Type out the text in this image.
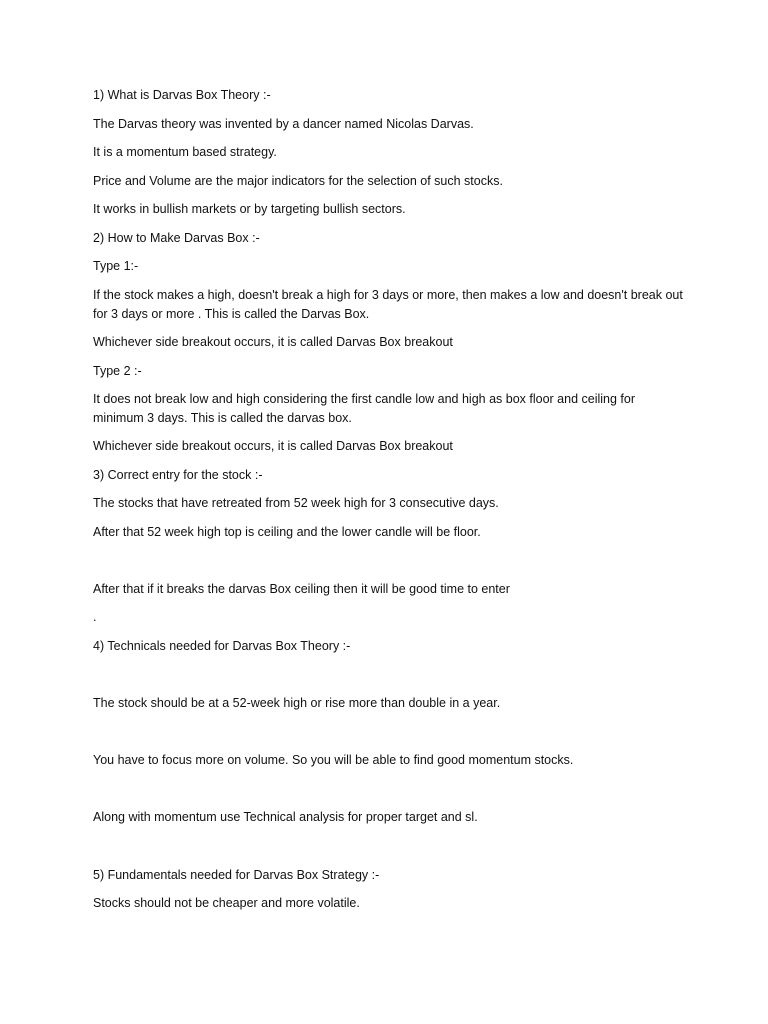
1) What is Darvas Box Theory :-
The Darvas theory was invented by a dancer named Nicolas Darvas.
It is a momentum based strategy.
Price and Volume are the major indicators for the selection of such stocks.
It works in bullish markets or by targeting bullish sectors.
2) How to Make Darvas Box :-
Type 1:-
If the stock makes a high, doesn't break a high for 3 days or more, then makes a low and doesn't break out for 3 days or more . This is called the Darvas Box.
Whichever side breakout occurs, it is called Darvas Box breakout
Type 2 :-
It does not break low and high considering the first candle low and high as box floor and ceiling for minimum 3 days. This is called the darvas box.
Whichever side breakout occurs, it is called Darvas Box breakout
3) Correct entry for the stock :-
The stocks that have retreated from 52 week high for 3 consecutive days.
After that 52 week high top is ceiling and the lower candle will be floor.
After that if it breaks the darvas Box ceiling then it will be good time to enter
.
4) Technicals needed for Darvas Box Theory :-
The stock should be at a 52-week high or rise more than double in a year.
You have to focus more on volume. So you will be able to find good momentum stocks.
Along with momentum use Technical analysis for proper target and sl.
5) Fundamentals needed for Darvas Box Strategy :-
Stocks should not be cheaper and more volatile.
